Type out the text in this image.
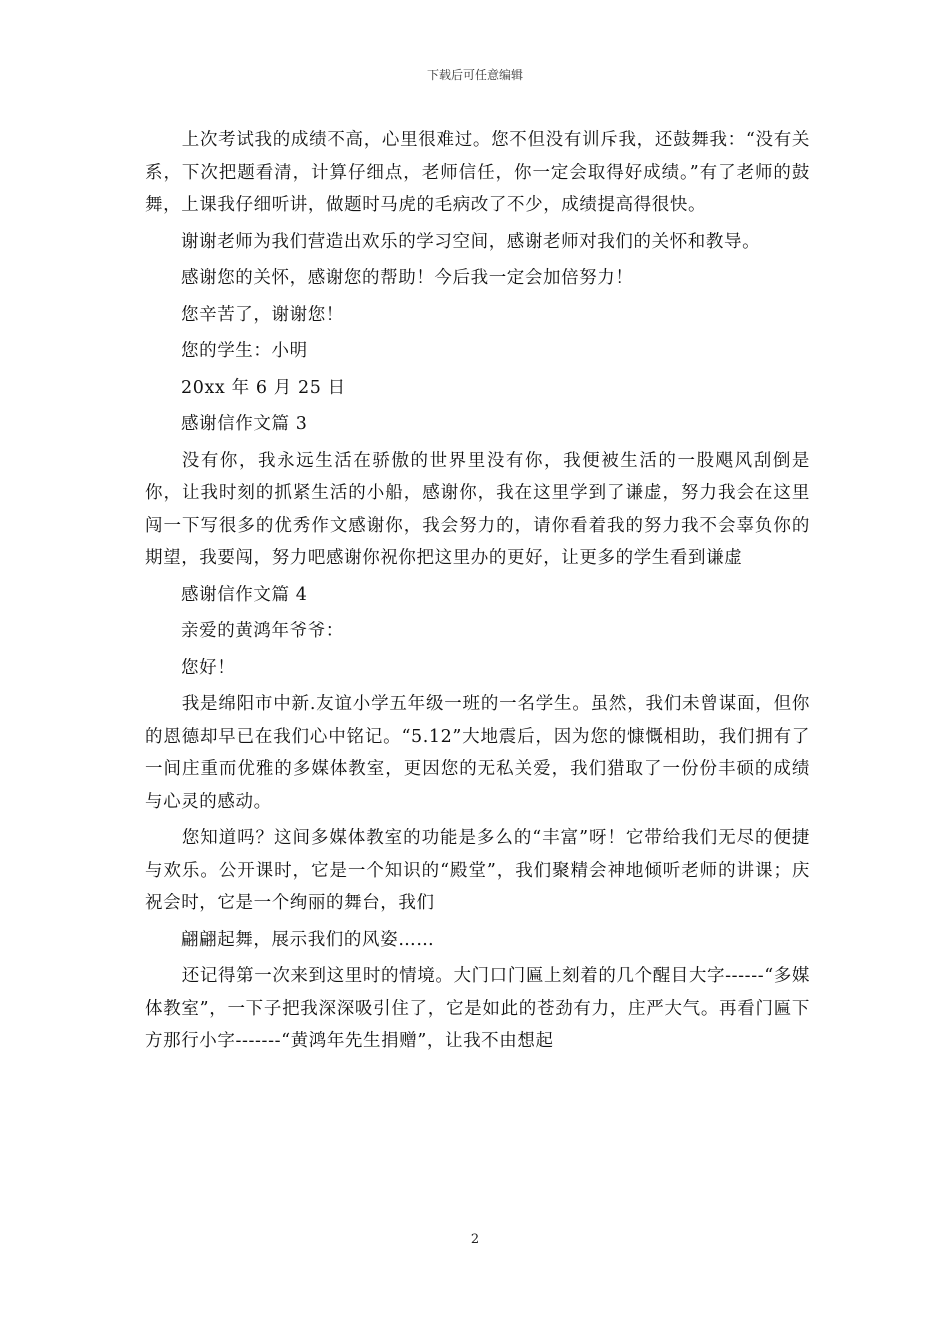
下载后可任意编辑

上次考试我的成绩不高，心里很难过。您不但没有训斥我，还鼓舞我：“没有关系，下次把题看清，计算仔细点，老师信任，你一定会取得好成绩。”有了老师的鼓舞，上课我仔细听讲，做题时马虎的毛病改了不少，成绩提高得很快。

谢谢老师为我们营造出欢乐的学习空间，感谢老师对我们的关怀和教导。

感谢您的关怀，感谢您的帮助！今后我一定会加倍努力！

您辛苦了，谢谢您！

您的学生：小明

20xx 年 6 月 25 日

感谢信作文篇 3

没有你，我永远生活在骄傲的世界里没有你，我便被生活的一股飓风刮倒是你，让我时刻的抓紧生活的小船，感谢你，我在这里学到了谦虚，努力我会在这里闯一下写很多的优秀作文感谢你，我会努力的，请你看着我的努力我不会辜负你的期望，我要闯，努力吧感谢你祝你把这里办的更好，让更多的学生看到谦虚

感谢信作文篇 4

亲爱的黄鸿年爷爷：

您好！

我是绵阳市中新.友谊小学五年级一班的一名学生。虽然，我们未曾谋面，但你的恩德却早已在我们心中铭记。“5.12”大地震后，因为您的慷慨相助，我们拥有了一间庄重而优雅的多媒体教室，更因您的无私关爱，我们猎取了一份份丰硕的成绩与心灵的感动。

您知道吗？这间多媒体教室的功能是多么的“丰富”呀！它带给我们无尽的便捷与欢乐。公开课时，它是一个知识的“殿堂”，我们聚精会神地倾听老师的讲课；庆祝会时，它是一个绚丽的舞台，我们

翩翩起舞，展示我们的风姿……

还记得第一次来到这里时的情境。大门口门匾上刻着的几个醒目大字------“多媒体教室”，一下子把我深深吸引住了，它是如此的苍劲有力，庄严大气。再看门匾下方那行小字-------“黄鸿年先生捐赠”，让我不由想起

2
